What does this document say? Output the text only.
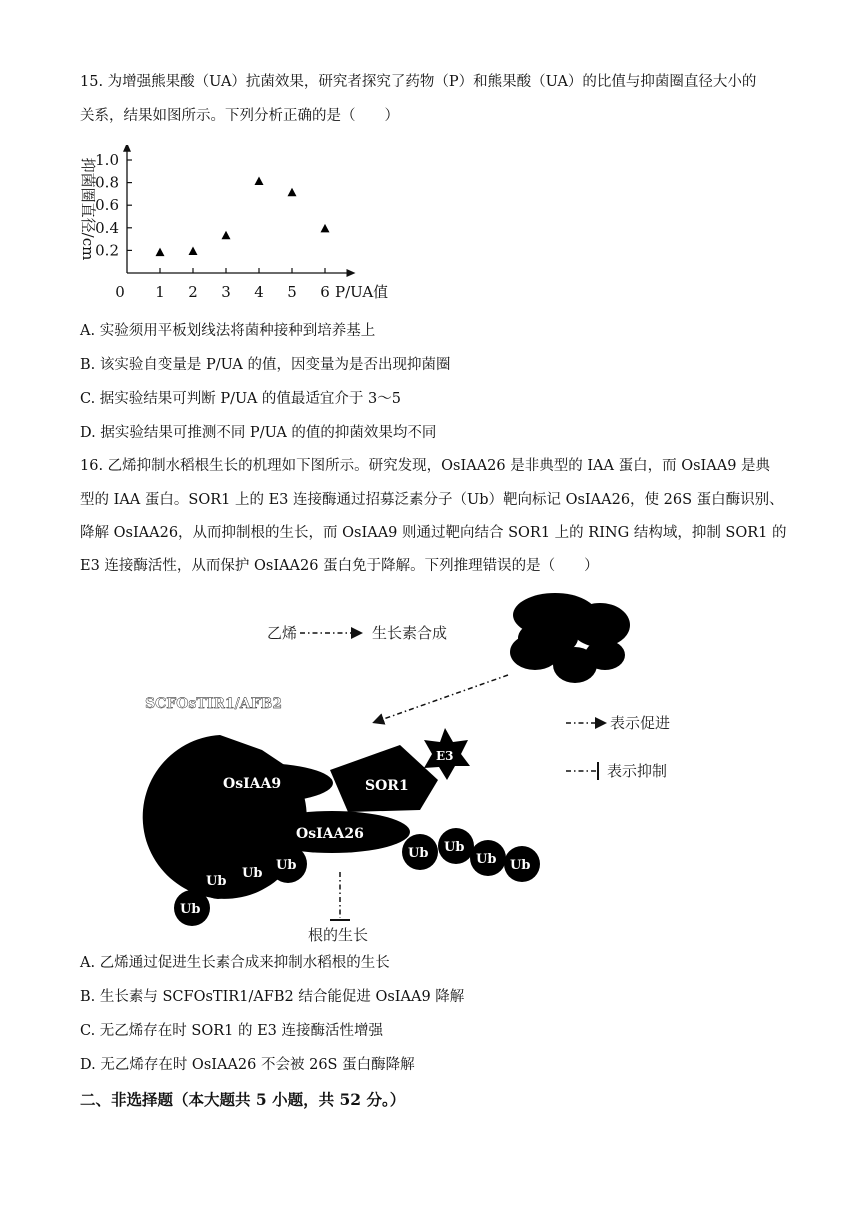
15. 为增强熊果酸（UA）抗菌效果，研究者探究了药物（P）和熊果酸（UA）的比值与抑菌圈直径大小的
关系，结果如图所示。下列分析正确的是（　　）
0 1 2 3 4 5 6 P/UA值
0.2
0.4
0.6
0.8
1.0
抑菌圈直径/cm
A. 实验须用平板划线法将菌种接种到培养基上
B. 该实验自变量是 P/UA 的值，因变量为是否出现抑菌圈
C. 据实验结果可判断 P/UA 的值最适宜介于 3～5
D. 据实验结果可推测不同 P/UA 的值的抑菌效果均不同
16. 乙烯抑制水稻根生长的机理如下图所示。研究发现，OsIAA26 是非典型的 IAA 蛋白，而 OsIAA9 是典
型的 IAA 蛋白。SOR1 上的 E3 连接酶通过招募泛素分子（Ub）靶向标记 OsIAA26，使 26S 蛋白酶识别、
降解 OsIAA26，从而抑制根的生长，而 OsIAA9 则通过靶向结合 SOR1 上的 RING 结构域，抑制 SOR1 的
E3 连接酶活性，从而保护 OsIAA26 蛋白免于降解。下列推理错误的是（　　）
乙烯	生长素合成
SCFOsTIR1/AFB2
OsIAA9	SOR1
E3
OsIAA26
Ub
Ub
Ub
Ub
Ub Ub
Ub Ub
根的生长
表示促进
表示抑制
A. 乙烯通过促进生长素合成来抑制水稻根的生长
B. 生长素与 SCFOsTIR1/AFB2 结合能促进 OsIAA9 降解
C. 无乙烯存在时 SOR1 的 E3 连接酶活性增强
D. 无乙烯存在时 OsIAA26 不会被 26S 蛋白酶降解
二、非选择题（本大题共 5 小题，共 52 分。）
